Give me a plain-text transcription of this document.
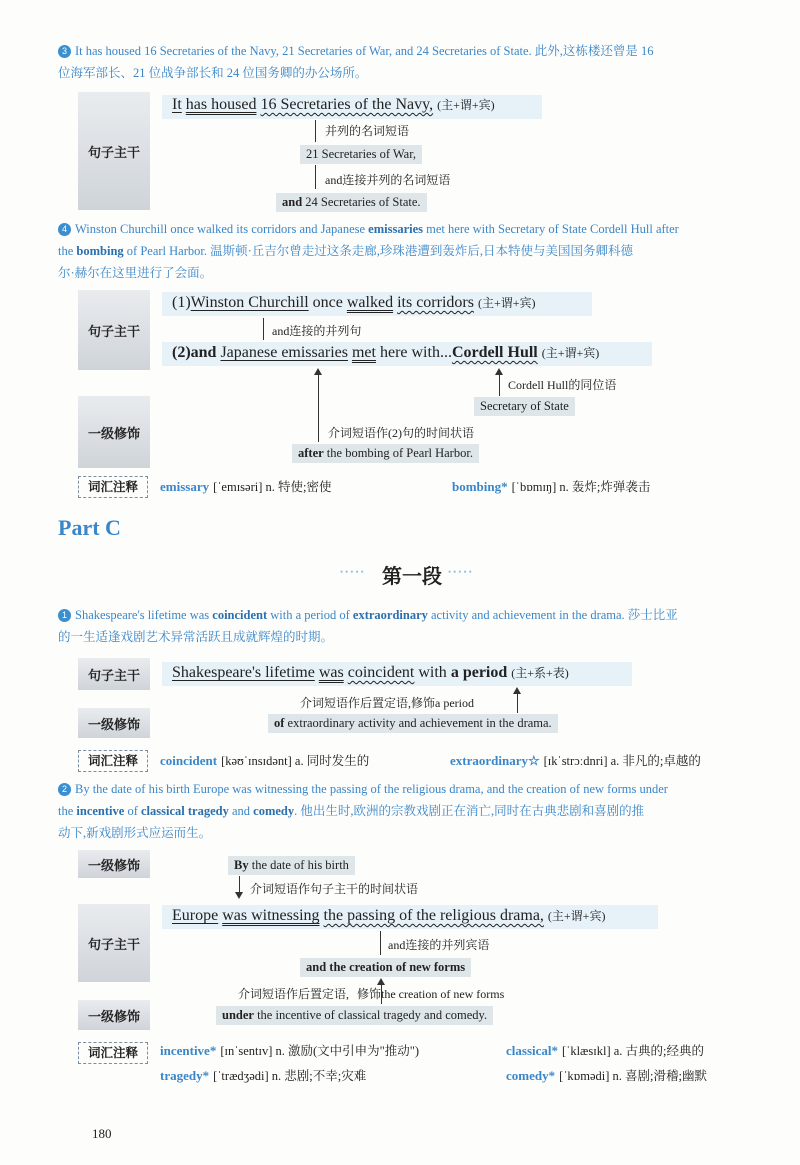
3 It has housed 16 Secretaries of the Navy, 21 Secretaries of War, and 24 Secretaries of State. 此外,这栋楼还曾是 16
位海军部长、21 位战争部长和 24 位国务卿的办公场所。
句子主干
It has housed 16 Secretaries of the Navy, (主+谓+宾)
并列的名词短语
21 Secretaries of War,
and连接并列的名词短语
and 24 Secretaries of State.
4 Winston Churchill once walked its corridors and Japanese emissaries met here with Secretary of State Cordell Hull after
the bombing of Pearl Harbor. 温斯顿·丘吉尔曾走过这条走廊,珍珠港遭到轰炸后,日本特使与美国国务卿科德
尔·赫尔在这里进行了会面。
句子主干
(1)Winston Churchill once walked its corridors (主+谓+宾)
and连接的并列句
(2)and Japanese emissaries met here with...Cordell Hull (主+谓+宾)
Cordell Hull的同位语
Secretary of State
一级修饰	介词短语作(2)句的时间状语
after the bombing of Pearl Harbor.
词汇注释	emissary [ˈemɪsəri] n. 特使;密使	bombing* [ˈbɒmɪŋ] n. 轰炸;炸弹袭击
Part C
••••• 第一段 •••••
1 Shakespeare's lifetime was coincident with a period of extraordinary activity and achievement in the drama. 莎士比亚
的一生适逢戏剧艺术异常活跃且成就辉煌的时期。
句子主干	Shakespeare's lifetime was coincident with a period (主+系+表)
介词短语作后置定语,修饰a period
一级修饰	of extraordinary activity and achievement in the drama.
词汇注释	coincident [kəʊˈɪnsɪdənt] a. 同时发生的	extraordinary☆ [ɪkˈstrɔːdnri] a. 非凡的;卓越的
2 By the date of his birth Europe was witnessing the passing of the religious drama, and the creation of new forms under
the incentive of classical tragedy and comedy. 他出生时,欧洲的宗教戏剧正在消亡,同时在古典悲剧和喜剧的推
动下,新戏剧形式应运而生。
一级修饰	By the date of his birth
介词短语作句子主干的时间状语
句子主干
Europe was witnessing the passing of the religious drama, (主+谓+宾)
and连接的并列宾语
and the creation of new forms
介词短语作后置定语, 修饰the creation of new forms
一级修饰	under the incentive of classical tragedy and comedy.
词汇注释	incentive* [ɪnˈsentɪv] n. 激励(文中引申为"推动")	classical* [ˈklæsɪkl] a. 古典的;经典的
tragedy* [ˈtrædʒədi] n. 悲剧;不幸;灾难	comedy* [ˈkɒmədi] n. 喜剧;滑稽;幽默
180
